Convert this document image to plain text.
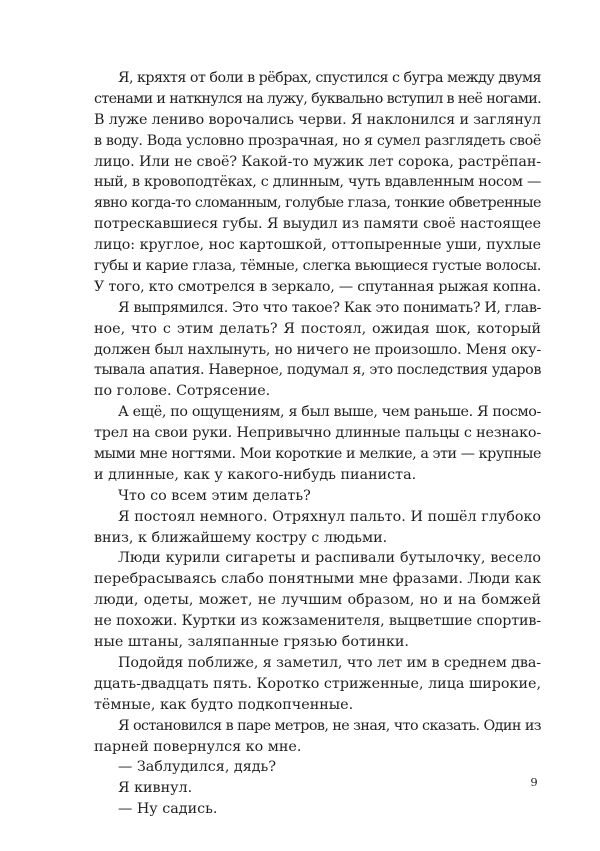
Я, кряхтя от боли в рёбрах, спустился с бугра между двумя
стенами и наткнулся на лужу, буквально вступил в неё ногами.
В луже лениво ворочались черви. Я наклонился и заглянул
в воду. Вода условно прозрачная, но я сумел разглядеть своё
лицо. Или не своё? Какой-то мужик лет сорока, растрёпан-
ный, в кровоподтёках, с длинным, чуть вдавленным носом —
явно когда-то сломанным, голубые глаза, тонкие обветренные
потрескавшиеся губы. Я выудил из памяти своё настоящее
лицо: круглое, нос картошкой, оттопыренные уши, пухлые
губы и карие глаза, тёмные, слегка вьющиеся густые волосы.
У того, кто смотрелся в зеркало, — спутанная рыжая копна.
Я выпрямился. Это что такое? Как это понимать? И, глав-
ное, что с этим делать? Я постоял, ожидая шок, который
должен был нахлынуть, но ничего не произошло. Меня оку-
тывала апатия. Наверное, подумал я, это последствия ударов
по голове. Сотрясение.
А ещё, по ощущениям, я был выше, чем раньше. Я посмо-
трел на свои руки. Непривычно длинные пальцы с незнако-
мыми мне ногтями. Мои короткие и мелкие, а эти — крупные
и длинные, как у какого-нибудь пианиста.
Что со всем этим делать?
Я постоял немного. Отряхнул пальто. И пошёл глубоко
вниз, к ближайшему костру с людьми.
Люди курили сигареты и распивали бутылочку, весело
перебрасываясь слабо понятными мне фразами. Люди как
люди, одеты, может, не лучшим образом, но и на бомжей
не похожи. Куртки из кожзаменителя, выцветшие спортив-
ные штаны, заляпанные грязью ботинки.
Подойдя поближе, я заметил, что лет им в среднем два-
дцать-двадцать пять. Коротко стриженные, лица широкие,
тёмные, как будто подкопченные.
Я остановился в паре метров, не зная, что сказать. Один из
парней повернулся ко мне.
— Заблудился, дядь?
Я кивнул.
— Ну садись.
9
